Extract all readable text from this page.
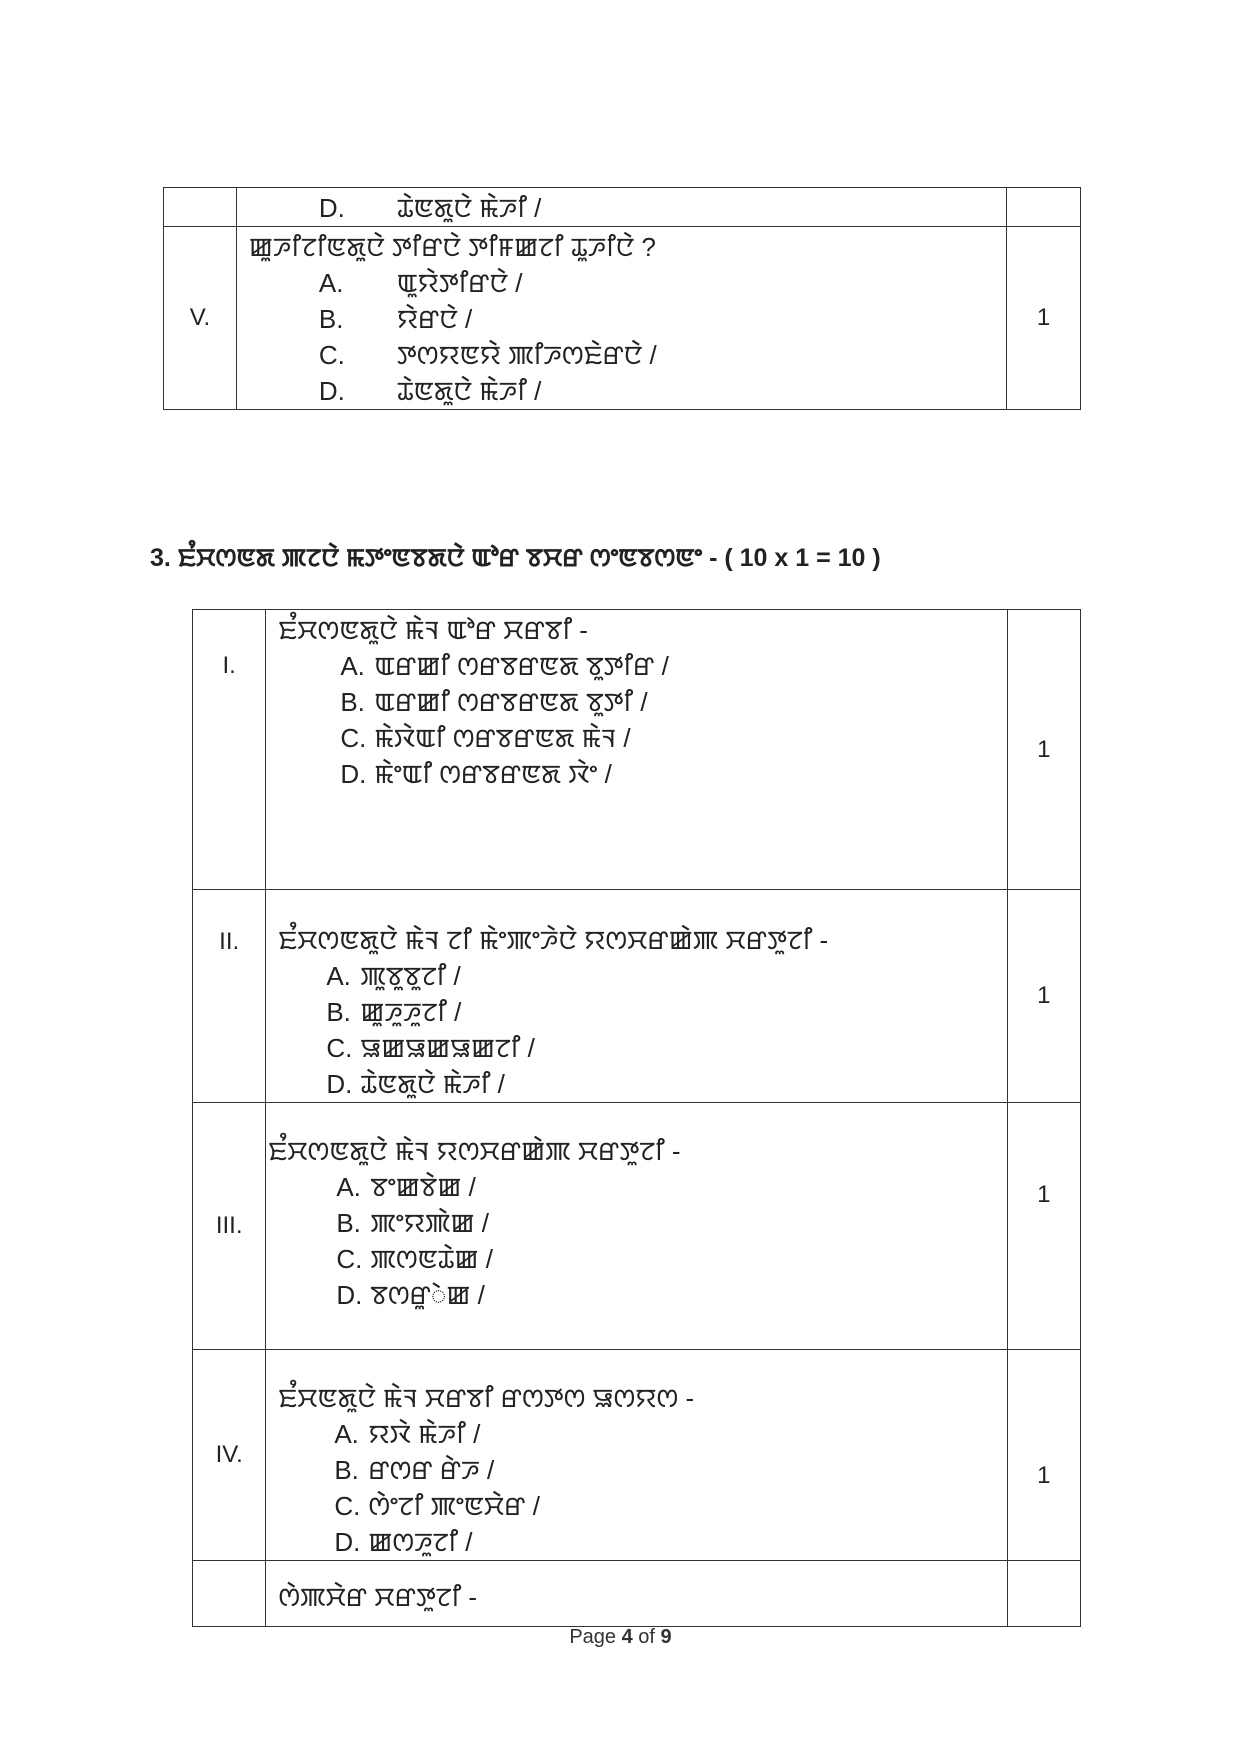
	D. ꯊꯥꯟꯗꯨꯅꯥ ꯃꯥꯍꯤ /	

V.	ꯀꯨꯍꯤꯖꯤꯟꯗꯨꯅꯥ ꯇꯤꯔꯅꯥ ꯇꯤꯝꯀꯖꯤ ꯊꯨꯍꯤꯅꯥ ?
A. ꯑꯨꯌꯥꯇꯤꯔꯅꯥ /
B. ꯌꯥꯔꯅꯥ /
C. ꯇꯁꯌꯟꯌꯥ ꯄꯤꯍꯁꯐꯥꯔꯅꯥ /
D. ꯊꯥꯟꯗꯨꯅꯥ ꯃꯥꯍꯤ /	1
3. ꯐꯪꯆꯁꯟꯗ ꯄꯖꯅꯥ ꯃꯇꯦꯟꯕꯗꯅꯥ ꯑꯣꯔ ꯕꯆꯔ ꯁꯦꯟꯕꯁꯟꯦ - ( 10 x 1 = 10 )
I.	ꯐꯪꯆꯁꯟꯗꯨꯅꯥ ꯃꯥꯜ ꯑꯣꯔ ꯆꯔꯕꯤ -
A. ꯑꯔꯀꯤ ꯁꯔꯕꯔꯟꯗ ꯕꯨꯇꯤꯔ /
B. ꯑꯔꯀꯤ ꯁꯔꯕꯔꯟꯗ ꯕꯨꯇꯤ /
C. ꯃꯥꯋꯥꯑꯤ ꯁꯔꯕꯔꯟꯗ ꯃꯥꯜ /
D. ꯃꯥꯦꯑꯤ ꯁꯔꯕꯔꯟꯗ ꯋꯥꯦ /	1
II.	ꯐꯪꯆꯁꯟꯗꯨꯅꯥ ꯃꯥꯜ ꯖꯤ ꯃꯥꯦꯄꯦꯍꯥꯅꯥ ꯌꯁꯆꯔꯀꯥꯄ ꯆꯔꯇꯨꯖꯤ -
A. ꯄꯨꯕꯨꯕꯨꯖꯤ /
B. ꯀꯨꯍꯨꯍꯨꯖꯤ /
C. ꯎꯀꯎꯀꯎꯀꯖꯤ /
D. ꯊꯥꯟꯗꯨꯅꯥ ꯃꯥꯍꯤ /	1
III.	ꯐꯪꯆꯁꯟꯗꯨꯅꯥ ꯃꯥꯜ ꯌꯁꯆꯔꯀꯥꯄ ꯆꯔꯇꯨꯖꯤ -
A. ꯕꯦꯀꯕꯥꯀ /
B. ꯄꯦꯌꯄꯥꯀ /
C. ꯄꯁꯟꯊꯥꯀ /
D. ꯕꯁꯔꯨꯥꯀ /	1
IV.	ꯐꯪꯆꯟꯗꯨꯅꯥ ꯃꯥꯜ ꯆꯔꯕꯤ ꯔꯁꯇꯁ ꯎꯁꯌꯁ -
A. ꯌꯋꯥ ꯃꯥꯍꯤ /
B. ꯔꯁꯔ ꯔꯥꯍ /
C. ꯁꯥꯦꯖꯤ ꯄꯦꯟꯆꯥꯔ /
D. ꯀꯁꯍꯨꯖꯤ /	1

	ꯁꯥꯄꯆꯥꯔ ꯆꯔꯇꯨꯖꯤ -	

Page 4 of 9
